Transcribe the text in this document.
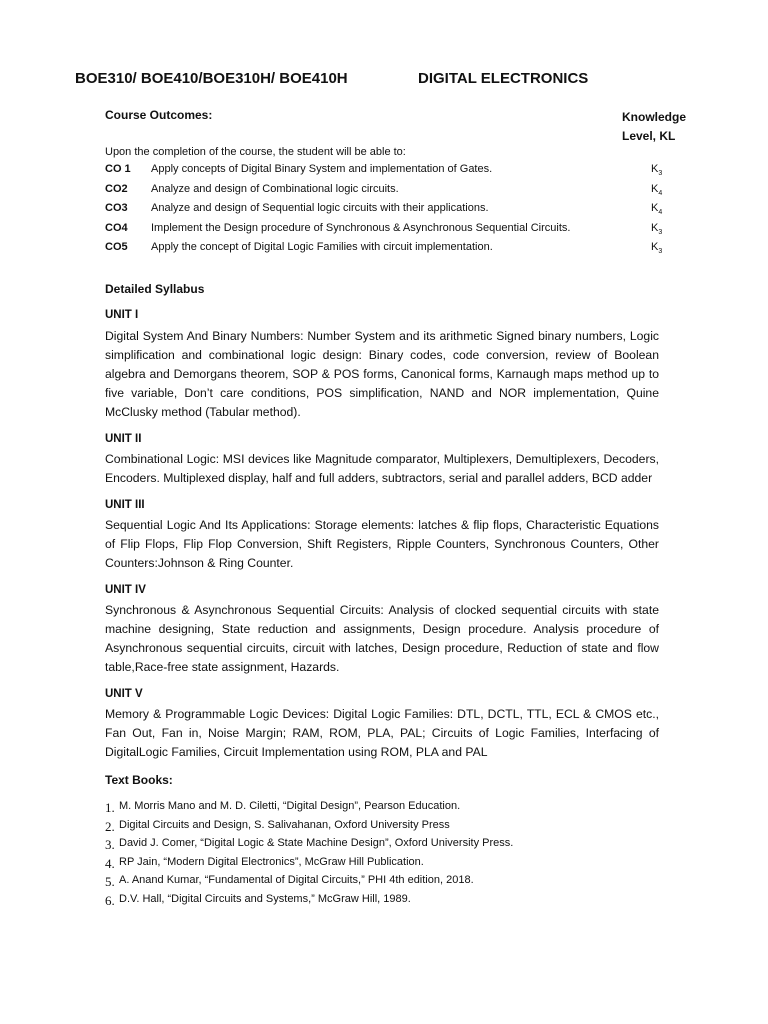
BOE310/ BOE410/BOE310H/ BOE410H	DIGITAL ELECTRONICS
Course Outcomes:	Knowledge
Level, KL
Upon the completion of the course, the student will be able to:
CO 1 Apply concepts of Digital Binary System and implementation of Gates.	$K_3$
CO2 Analyze and design of Combinational logic circuits.	$K_4$
CO3 Analyze and design of Sequential logic circuits with their applications.	$K_4$
CO4 Implement the Design procedure of Synchronous & Asynchronous Sequential Circuits.	$K_3$
CO5 Apply the concept of Digital Logic Families with circuit implementation.	$K_3$
Detailed Syllabus
UNIT I
Digital System And Binary Numbers: Number System and its arithmetic Signed binary numbers, Logic simplification and combinational logic design: Binary codes, code conversion, review of Boolean algebra and Demorgans theorem, SOP & POS forms, Canonical forms, Karnaugh maps method up to five variable, Don’t care conditions, POS simplification, NAND and NOR implementation, Quine McClusky method (Tabular method).
UNIT II
Combinational Logic: MSI devices like Magnitude comparator, Multiplexers, Demultiplexers, Decoders, Encoders. Multiplexed display, half and full adders, subtractors, serial and parallel adders, BCD adder
UNIT III
Sequential Logic And Its Applications: Storage elements: latches & flip flops, Characteristic Equations of Flip Flops, Flip Flop Conversion, Shift Registers, Ripple Counters, Synchronous Counters, Other Counters:Johnson & Ring Counter.
UNIT IV
Synchronous & Asynchronous Sequential Circuits: Analysis of clocked sequential circuits with state machine designing, State reduction and assignments, Design procedure. Analysis procedure of Asynchronous sequential circuits, circuit with latches, Design procedure, Reduction of state and flow table,Race-free state assignment, Hazards.
UNIT V
Memory & Programmable Logic Devices: Digital Logic Families: DTL, DCTL, TTL, ECL & CMOS etc., Fan Out, Fan in, Noise Margin; RAM, ROM, PLA, PAL; Circuits of Logic Families, Interfacing of DigitalLogic Families, Circuit Implementation using ROM, PLA and PAL
Text Books:
1. M. Morris Mano and M. D. Ciletti, “Digital Design”, Pearson Education.
2. Digital Circuits and Design, S. Salivahanan, Oxford University Press
3. David J. Comer, “Digital Logic & State Machine Design”, Oxford University Press.
4. RP Jain, “Modern Digital Electronics”, McGraw Hill Publication.
5. A. Anand Kumar, “Fundamental of Digital Circuits,” PHI 4th edition, 2018.
6. D.V. Hall, “Digital Circuits and Systems,” McGraw Hill, 1989.
